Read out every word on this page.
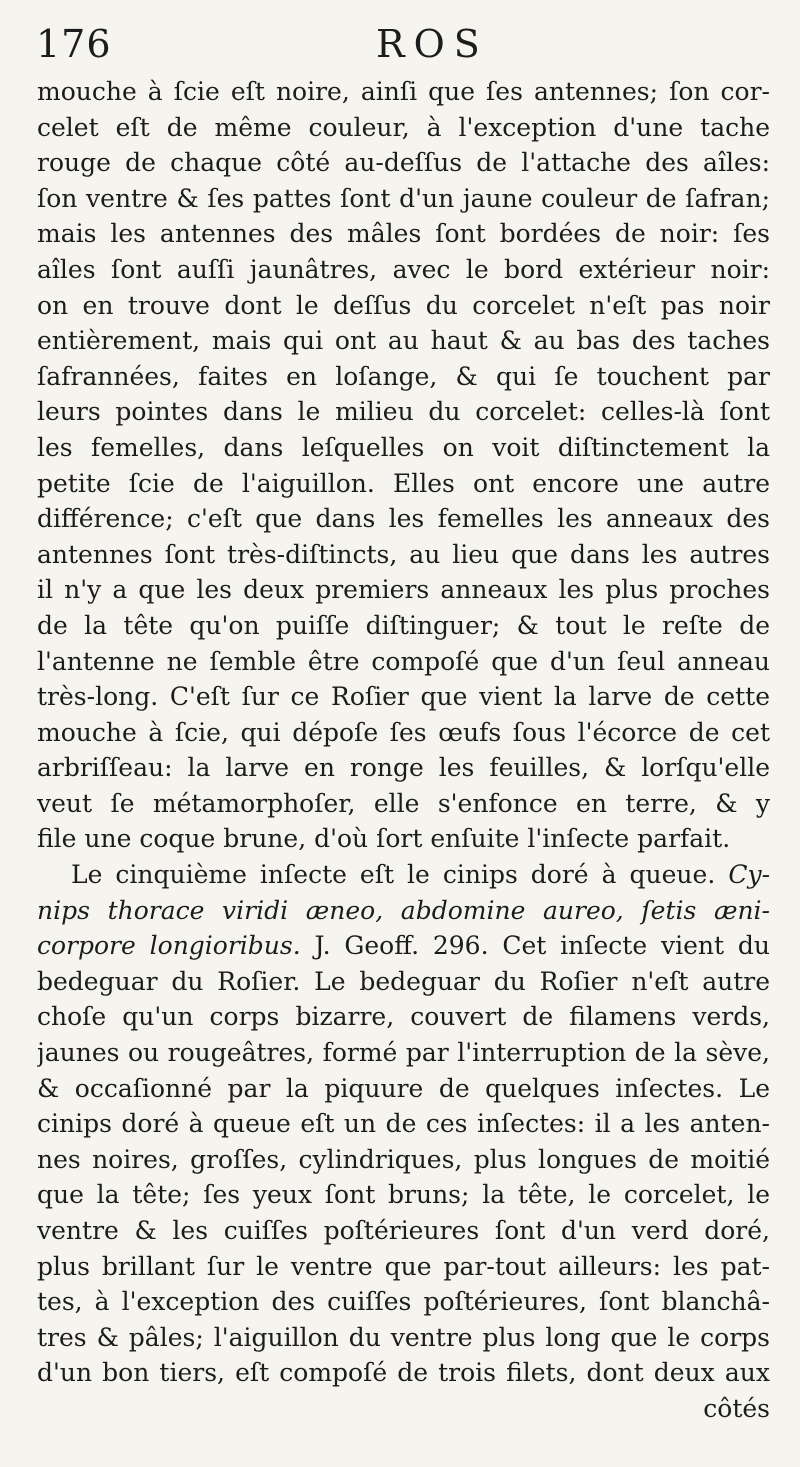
176	ROS
mouche à ſcie eſt noire, ainſi que ſes antennes; ſon cor-
celet eſt de même couleur, à l'exception d'une tache
rouge de chaque côté au-deſſus de l'attache des aîles:
ſon ventre & ſes pattes ſont d'un jaune couleur de ſafran;
mais les antennes des mâles ſont bordées de noir: ſes
aîles ſont auſſi jaunâtres, avec le bord extérieur noir:
on en trouve dont le deſſus du corcelet n'eſt pas noir
entièrement, mais qui ont au haut & au bas des taches
ſafrannées, faites en loſange, & qui ſe touchent par
leurs pointes dans le milieu du corcelet: celles-là ſont
les femelles, dans leſquelles on voit diſtinctement la
petite ſcie de l'aiguillon. Elles ont encore une autre
différence; c'eſt que dans les femelles les anneaux des
antennes ſont très-diſtincts, au lieu que dans les autres
il n'y a que les deux premiers anneaux les plus proches
de la tête qu'on puiſſe diſtinguer; & tout le reſte de
l'antenne ne ſemble être compoſé que d'un ſeul anneau
très-long. C'eſt ſur ce Roſier que vient la larve de cette
mouche à ſcie, qui dépoſe ſes œufs ſous l'écorce de cet
arbriſſeau: la larve en ronge les feuilles, & lorſqu'elle
veut ſe métamorphoſer, elle s'enfonce en terre, & y
file une coque brune, d'où ſort enſuite l'inſecte parfait.
Le cinquième inſecte eſt le cinips doré à queue. Cy-
nips thorace viridi æneo, abdomine aureo, ſetis æni-
corpore longioribus. J. Geoff. 296. Cet inſecte vient du
bedeguar du Roſier. Le bedeguar du Roſier n'eſt autre
choſe qu'un corps bizarre, couvert de filamens verds,
jaunes ou rougeâtres, formé par l'interruption de la sève,
& occaſionné par la piquure de quelques inſectes. Le
cinips doré à queue eſt un de ces inſectes: il a les anten-
nes noires, groſſes, cylindriques, plus longues de moitié
que la tête; ſes yeux ſont bruns; la tête, le corcelet, le
ventre & les cuiſſes poſtérieures ſont d'un verd doré,
plus brillant ſur le ventre que par-tout ailleurs: les pat-
tes, à l'exception des cuiſſes poſtérieures, ſont blanchâ-
tres & pâles; l'aiguillon du ventre plus long que le corps
d'un bon tiers, eſt compoſé de trois filets, dont deux aux
côtés
